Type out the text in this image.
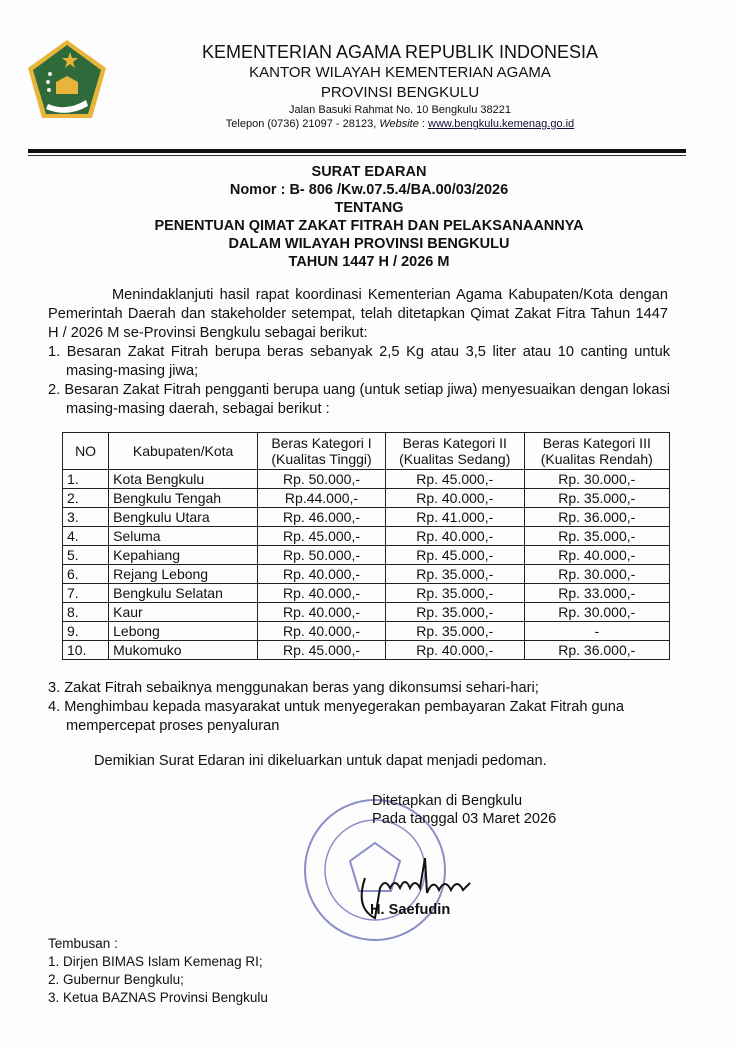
KEMENTERIAN AGAMA REPUBLIK INDONESIA
KANTOR WILAYAH KEMENTERIAN AGAMA
PROVINSI BENGKULU
Jalan Basuki Rahmat No. 10 Bengkulu 38221
Telepon (0736) 21097 - 28123, Website : www.bengkulu.kemenag.go.id
SURAT EDARAN
Nomor : B- 806 /Kw.07.5.4/BA.00/03/2026
TENTANG
PENENTUAN QIMAT ZAKAT FITRAH DAN PELAKSANAANNYA
DALAM WILAYAH PROVINSI BENGKULU
TAHUN 1447 H / 2026 M
Menindaklanjuti hasil rapat koordinasi Kementerian Agama Kabupaten/Kota dengan Pemerintah Daerah dan stakeholder setempat, telah ditetapkan Qimat Zakat Fitra Tahun 1447 H / 2026 M se-Provinsi Bengkulu sebagai berikut:
1. Besaran Zakat Fitrah berupa beras sebanyak 2,5 Kg atau 3,5 liter atau 10 canting untuk masing-masing jiwa;
2. Besaran Zakat Fitrah pengganti berupa uang (untuk setiap jiwa) menyesuaikan dengan lokasi masing-masing daerah, sebagai berikut :
NO	Kabupaten/Kota	Beras Kategori I (Kualitas Tinggi)	Beras Kategori II (Kualitas Sedang)	Beras Kategori III (Kualitas Rendah)
1.	Kota Bengkulu	Rp. 50.000,-	Rp. 45.000,-	Rp. 30.000,-
2.	Bengkulu Tengah	Rp.44.000,-	Rp. 40.000,-	Rp. 35.000,-
3.	Bengkulu Utara	Rp. 46.000,-	Rp. 41.000,-	Rp. 36.000,-
4.	Seluma	Rp. 45.000,-	Rp. 40.000,-	Rp. 35.000,-
5.	Kepahiang	Rp. 50.000,-	Rp. 45.000,-	Rp. 40.000,-
6.	Rejang Lebong	Rp. 40.000,-	Rp. 35.000,-	Rp. 30.000,-
7.	Bengkulu Selatan	Rp. 40.000,-	Rp. 35.000,-	Rp. 33.000,-
8.	Kaur	Rp. 40.000,-	Rp. 35.000,-	Rp. 30.000,-
9.	Lebong	Rp. 40.000,-	Rp. 35.000,-	-
10.	Mukomuko	Rp. 45.000,-	Rp. 40.000,-	Rp. 36.000,-
3. Zakat Fitrah sebaiknya menggunakan beras yang dikonsumsi sehari-hari;
4. Menghimbau kepada masyarakat untuk menyegerakan pembayaran Zakat Fitrah guna mempercepat proses penyaluran
Demikian Surat Edaran ini dikeluarkan untuk dapat menjadi pedoman.
Ditetapkan di Bengkulu
Pada tanggal 03 Maret 2026
H. Saefudin
Tembusan :
1. Dirjen BIMAS Islam Kemenag RI;
2. Gubernur Bengkulu;
3. Ketua BAZNAS Provinsi Bengkulu
